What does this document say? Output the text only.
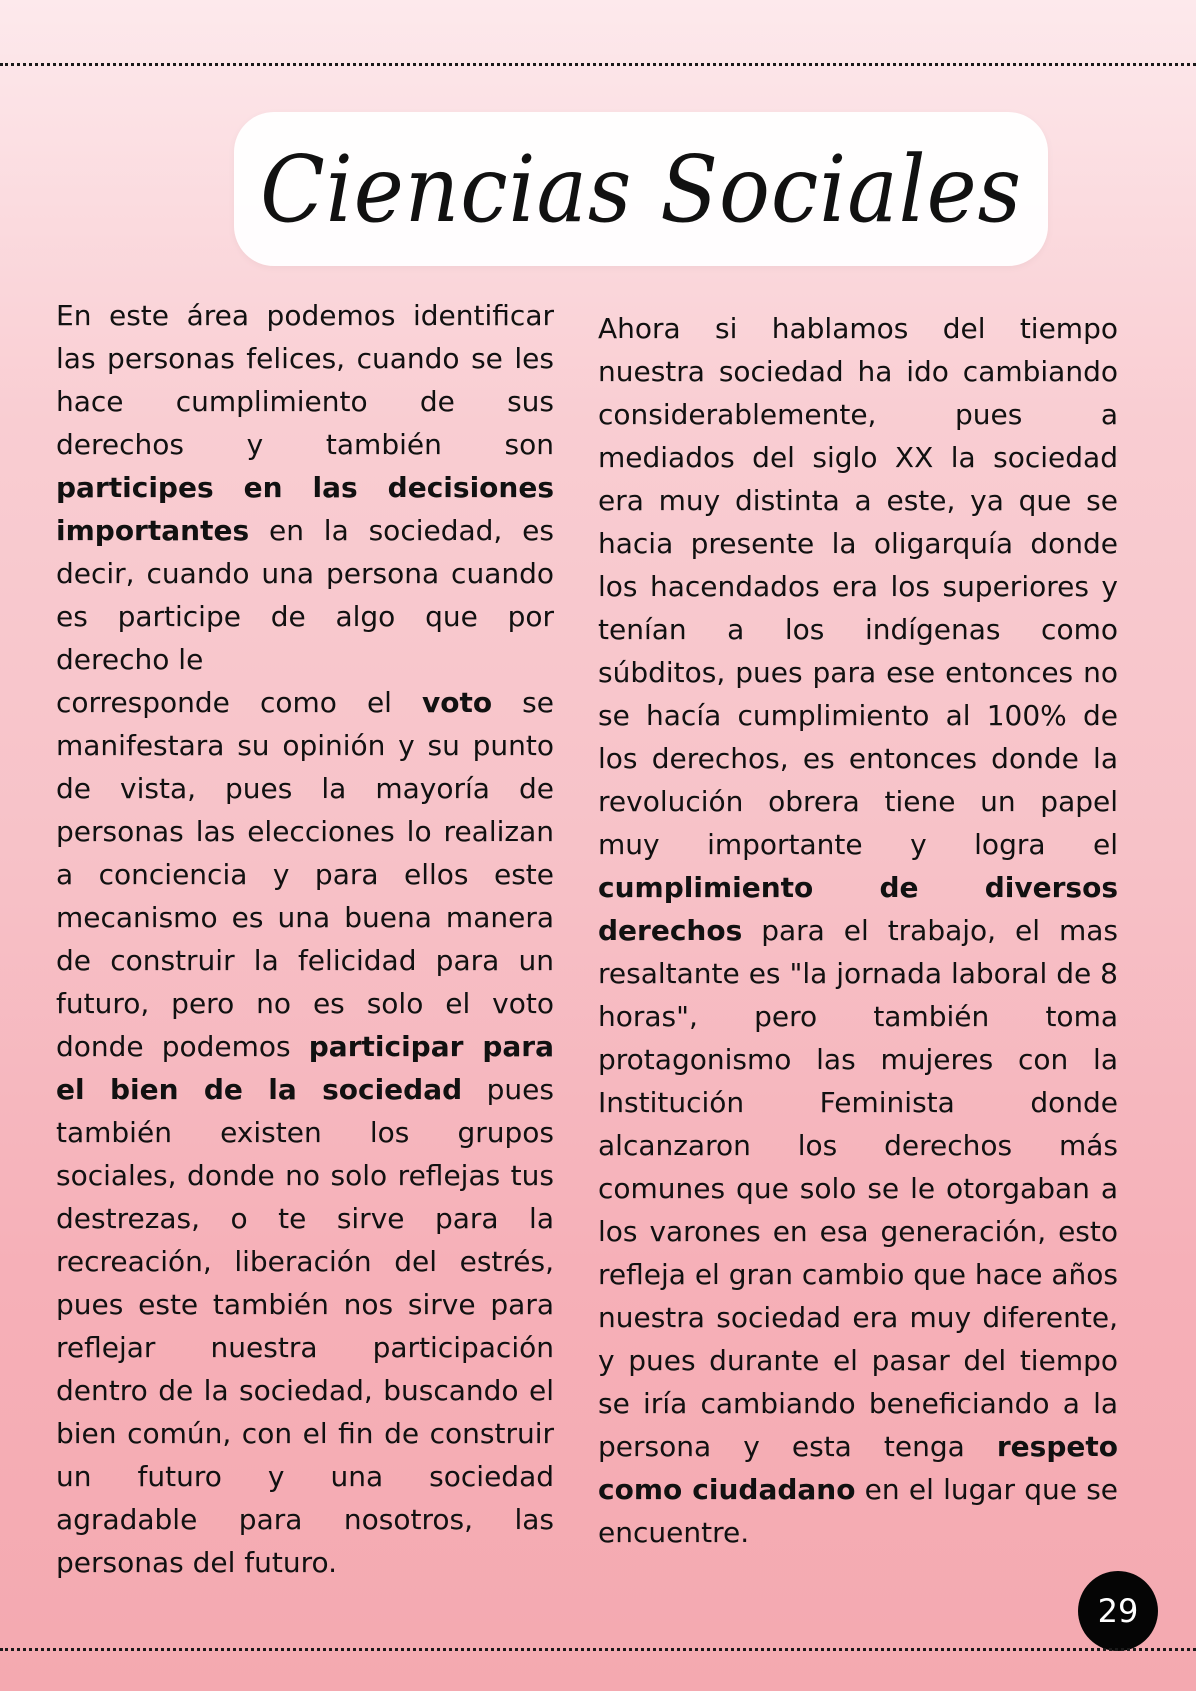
Ciencias Sociales

En este área podemos identificar las personas felices, cuando se les hace cumplimiento de sus derechos y también son participes en las decisiones importantes en la sociedad, es decir, cuando una persona cuando es participe de algo que por derecho le

corresponde como el voto se manifestara su opinión y su punto de vista, pues la mayoría de personas las elecciones lo realizan a conciencia y para ellos este mecanismo es una buena manera de construir la felicidad para un futuro, pero no es solo el voto donde podemos participar para el bien de la sociedad pues también existen los grupos sociales, donde no solo reflejas tus destrezas, o te sirve para la recreación, liberación del estrés, pues este también nos sirve para reflejar nuestra participación dentro de la sociedad, buscando el bien común, con el fin de construir un futuro y una sociedad agradable para nosotros, las personas del futuro.

Ahora si hablamos del tiempo nuestra sociedad ha ido cambiando considerablemente, pues a mediados del siglo XX la sociedad era muy distinta a este, ya que se hacia presente la oligarquía donde los hacendados era los superiores y tenían a los indígenas como súbditos, pues para ese entonces no se hacía cumplimiento al 100% de los derechos, es entonces donde la revolución obrera tiene un papel muy importante y logra el cumplimiento de diversos derechos para el trabajo, el mas resaltante es "la jornada laboral de 8 horas", pero también toma protagonismo las mujeres con la Institución Feminista donde alcanzaron los derechos más comunes que solo se le otorgaban a los varones en esa generación, esto refleja el gran cambio que hace años nuestra sociedad era muy diferente, y pues durante el pasar del tiempo se iría cambiando beneficiando a la persona y esta tenga respeto como ciudadano en el lugar que se encuentre.

29
